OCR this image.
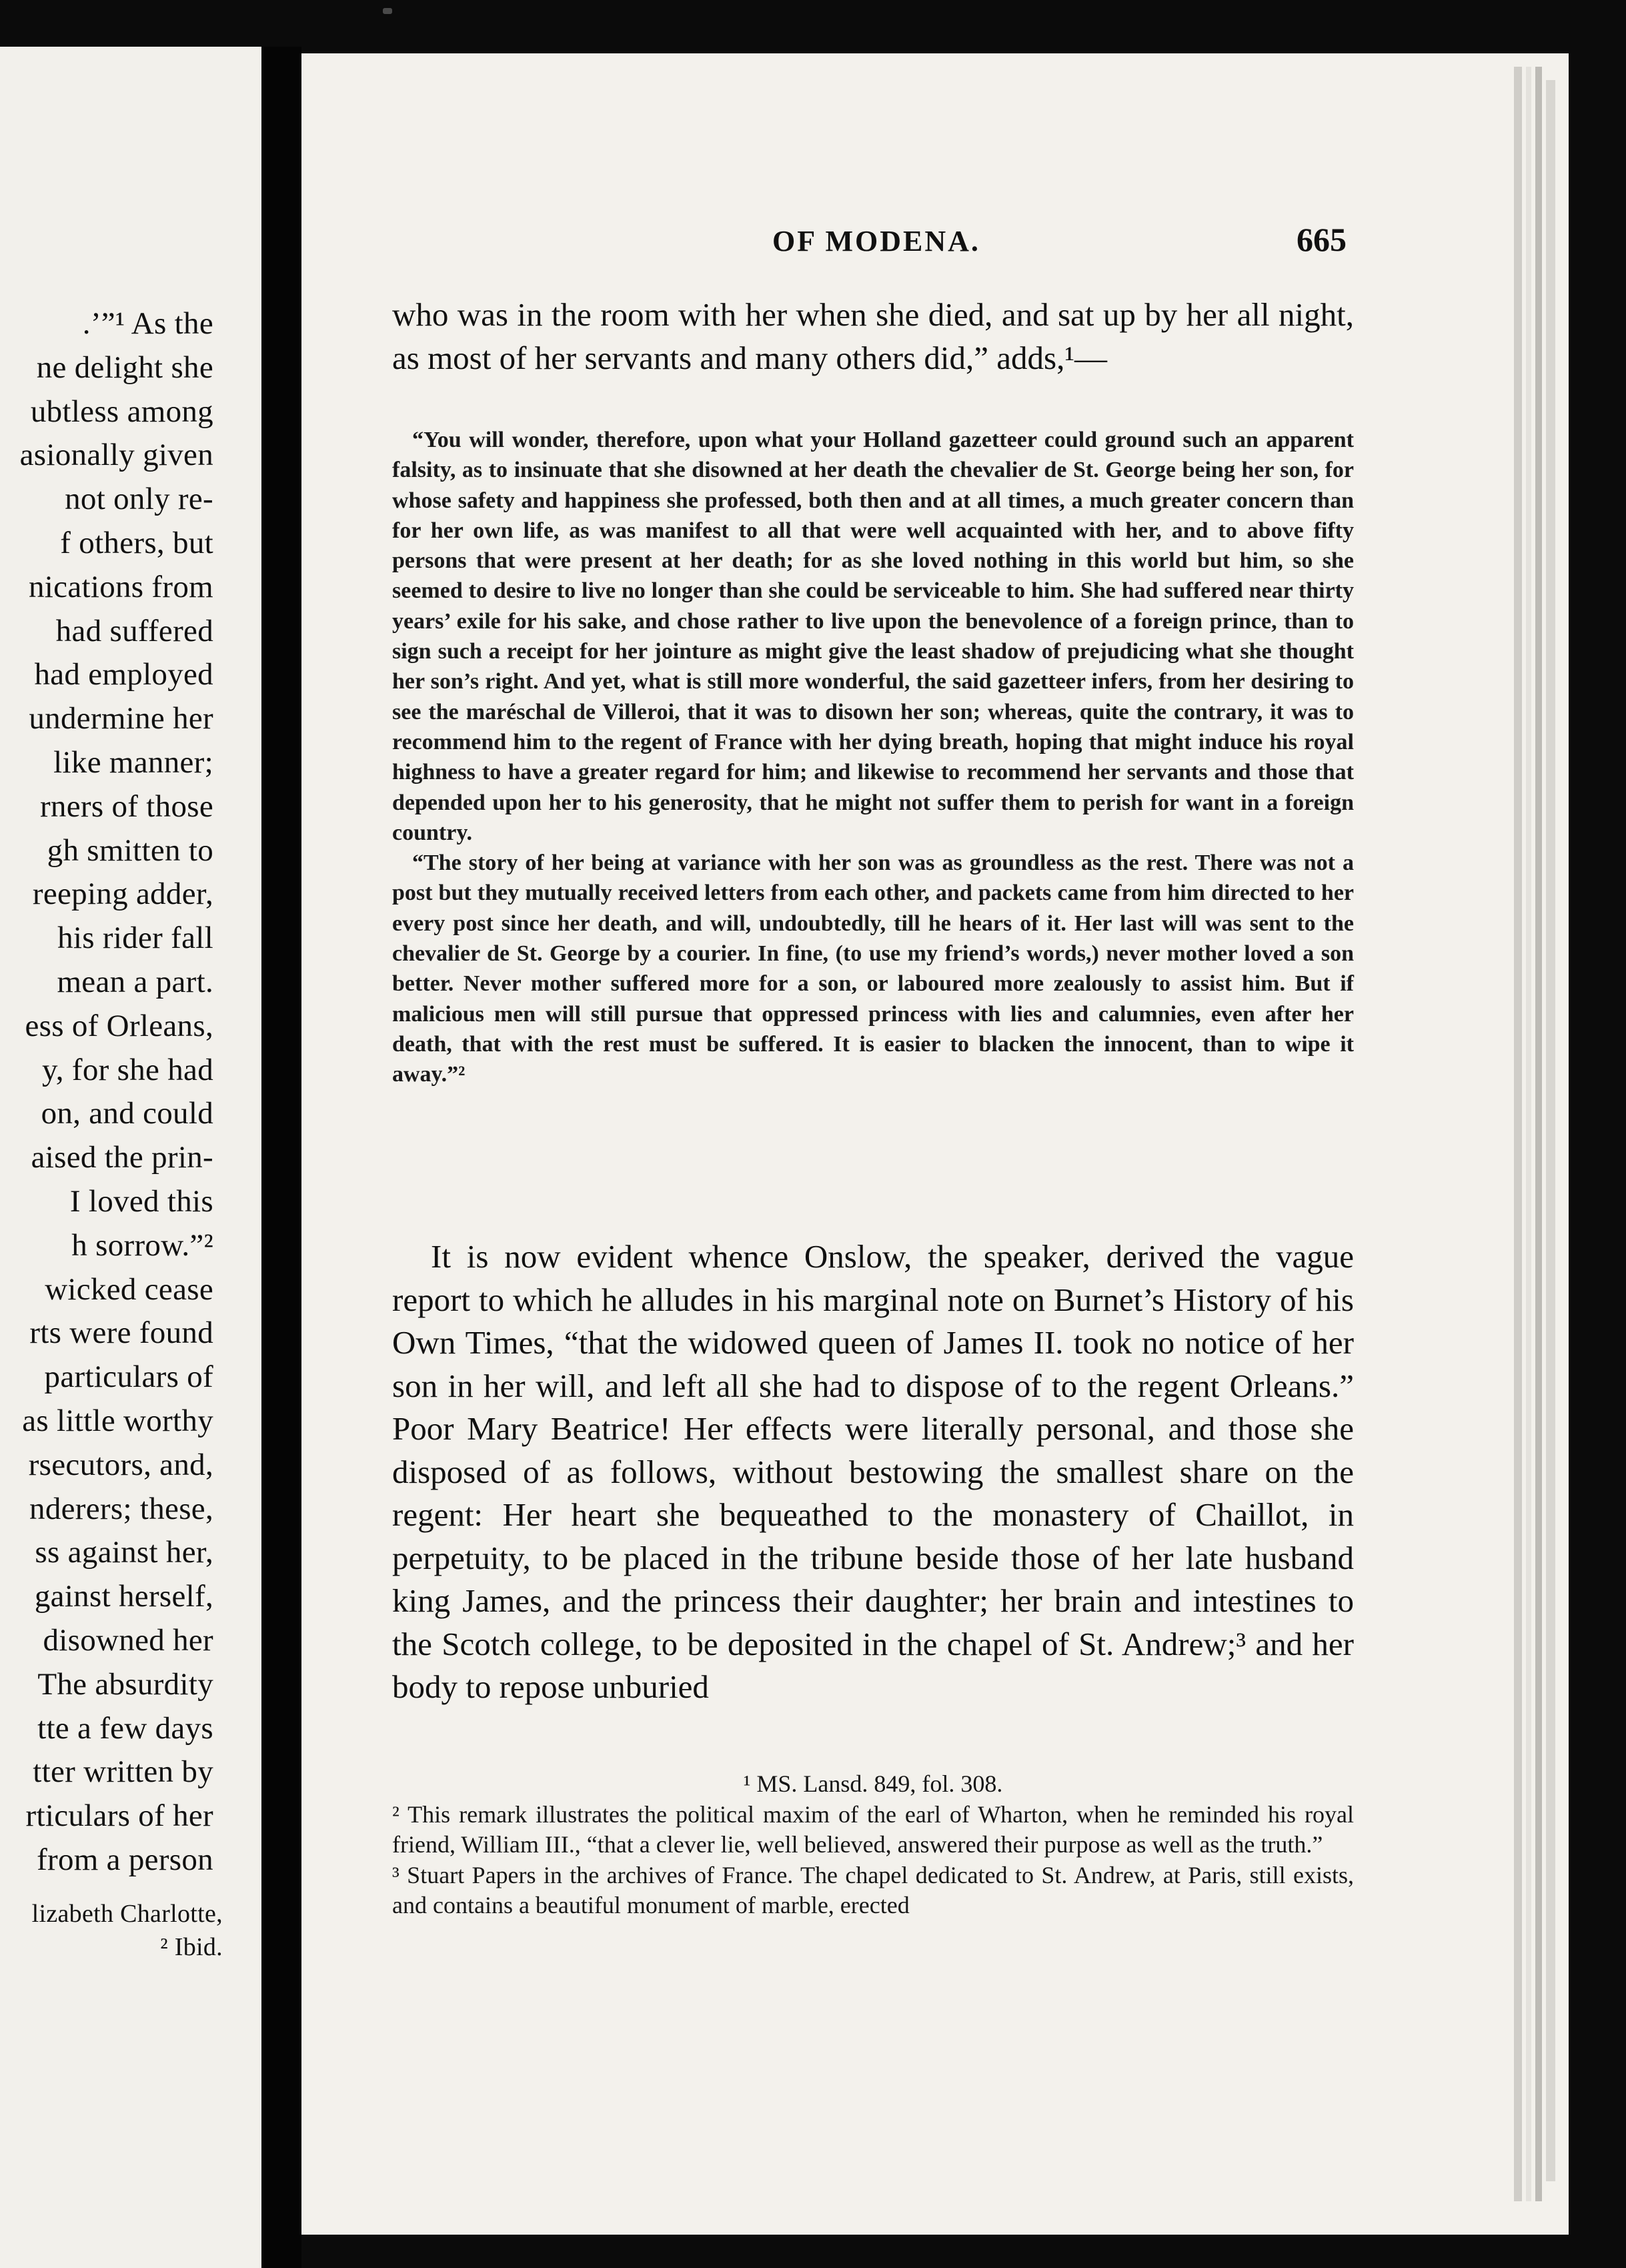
.’”¹ As the
ne delight she
ubtless among
asionally given
not only re-
f others, but
nications from
had suffered
had employed
undermine her
like manner;
rners of those
gh smitten to
reeping adder,
his rider fall
mean a part.
ess of Orleans,
y, for she had
on, and could
aised the prin-
I loved this
h sorrow.”²
wicked cease
rts were found
particulars of
as little worthy
rsecutors, and,
nderers; these,
ss against her,
gainst herself,
disowned her
The absurdity
tte a few days
tter written by
rticulars of her
from a person
lizabeth Charlotte,
² Ibid.
OF MODENA.	665

who was in the room with her when she died, and sat up by her all night, as most of her servants and many others did,” adds,¹—

“You will wonder, therefore, upon what your Holland gazetteer could ground such an apparent falsity, as to insinuate that she disowned at her death the chevalier de St. George being her son, for whose safety and happiness she professed, both then and at all times, a much greater concern than for her own life, as was manifest to all that were well acquainted with her, and to above fifty persons that were present at her death; for as she loved nothing in this world but him, so she seemed to desire to live no longer than she could be serviceable to him. She had suffered near thirty years’ exile for his sake, and chose rather to live upon the benevolence of a foreign prince, than to sign such a receipt for her jointure as might give the least shadow of prejudicing what she thought her son’s right. And yet, what is still more wonderful, the said gazetteer infers, from her desiring to see the maréschal de Villeroi, that it was to disown her son; whereas, quite the contrary, it was to recommend him to the regent of France with her dying breath, hoping that might induce his royal highness to have a greater regard for him; and likewise to recommend her servants and those that depended upon her to his generosity, that he might not suffer them to perish for want in a foreign country.

“The story of her being at variance with her son was as groundless as the rest. There was not a post but they mutually received letters from each other, and packets came from him directed to her every post since her death, and will, undoubtedly, till he hears of it. Her last will was sent to the chevalier de St. George by a courier. In fine, (to use my friend’s words,) never mother loved a son better. Never mother suffered more for a son, or laboured more zealously to assist him. But if malicious men will still pursue that oppressed princess with lies and calumnies, even after her death, that with the rest must be suffered. It is easier to blacken the innocent, than to wipe it away.”²

It is now evident whence Onslow, the speaker, derived the vague report to which he alludes in his marginal note on Burnet’s History of his Own Times, “that the widowed queen of James II. took no notice of her son in her will, and left all she had to dispose of to the regent Orleans.” Poor Mary Beatrice! Her effects were literally personal, and those she disposed of as follows, without bestowing the smallest share on the regent: Her heart she bequeathed to the monastery of Chaillot, in perpetuity, to be placed in the tribune beside those of her late husband king James, and the princess their daughter; her brain and intestines to the Scotch college, to be deposited in the chapel of St. Andrew;³ and her body to repose unburied

¹ MS. Lansd. 849, fol. 308.

² This remark illustrates the political maxim of the earl of Wharton, when he reminded his royal friend, William III., “that a clever lie, well believed, answered their purpose as well as the truth.”

³ Stuart Papers in the archives of France. The chapel dedicated to St. Andrew, at Paris, still exists, and contains a beautiful monument of marble, erected
